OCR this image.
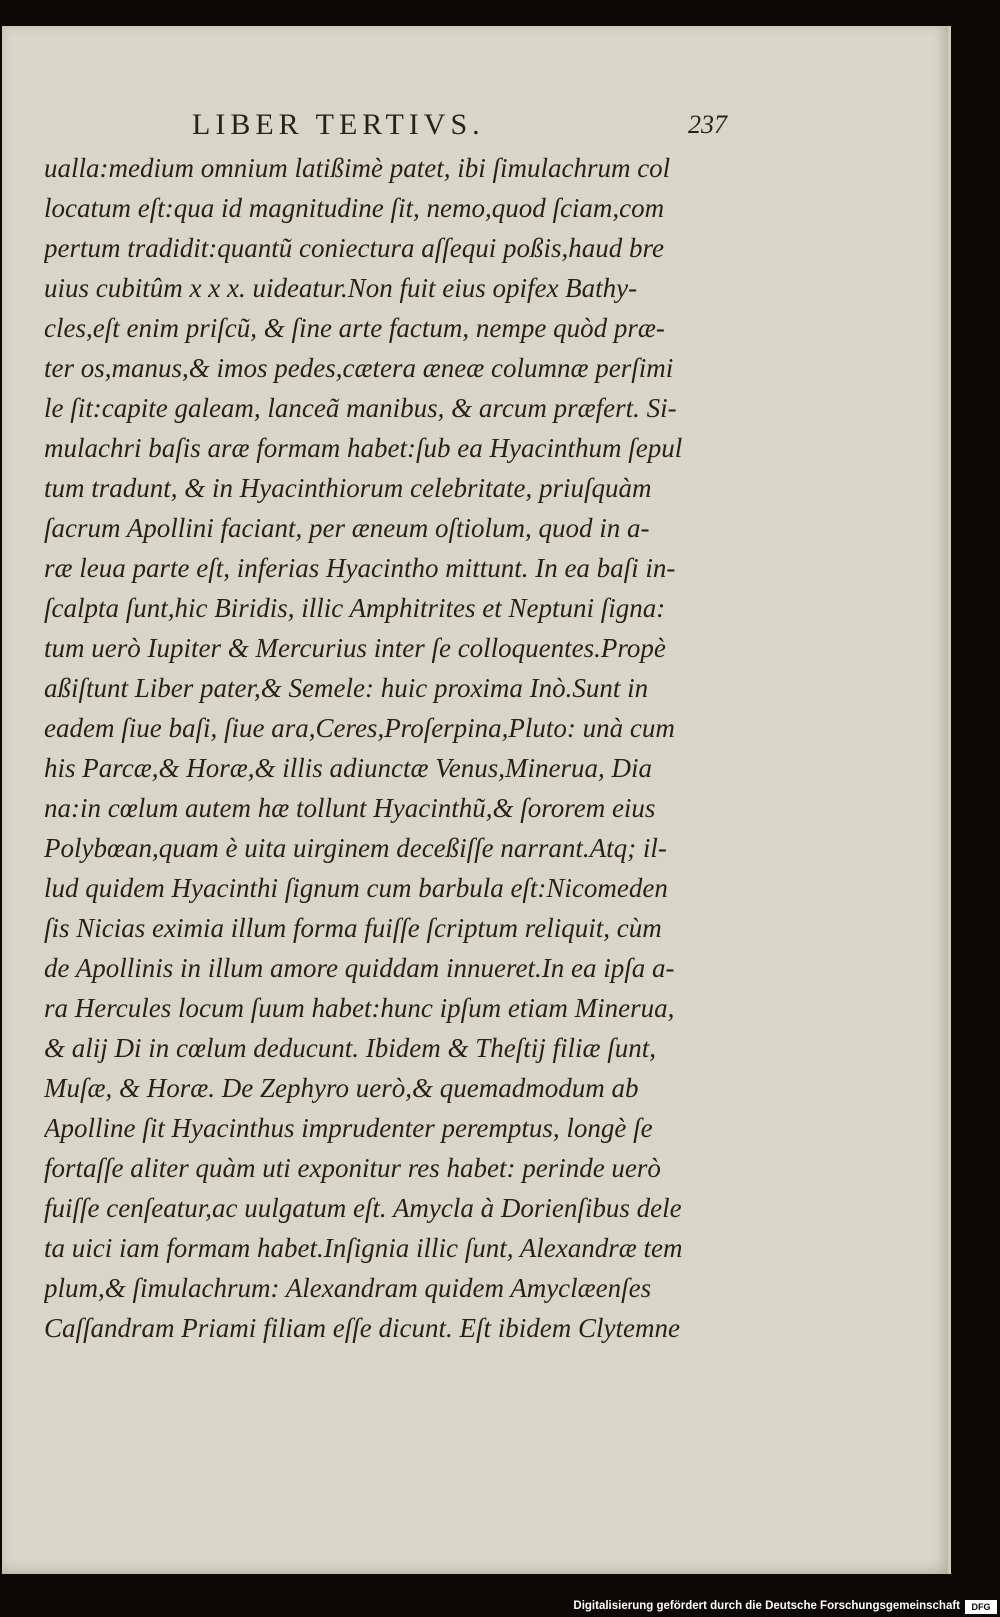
LIBER TERTIVS.	237
ualla:medium omnium latißimè patet, ibi ſimulachrum col
locatum eſt:qua id magnitudine ſit, nemo,quod ſciam,com
pertum tradidit:quantũ coniectura aſſequi poßis,haud bre
uius cubitûm x x x. uideatur.Non fuit eius opifex Bathy-
cles,eſt enim priſcũ, & ſine arte factum, nempe quòd præ-
ter os,manus,& imos pedes,cætera æneæ columnæ perſimi
le ſit:capite galeam, lanceã manibus, & arcum præfert. Si-
mulachri baſis aræ formam habet:ſub ea Hyacinthum ſepul
tum tradunt, & in Hyacinthiorum celebritate, priuſquàm
ſacrum Apollini faciant, per æneum oſtiolum, quod in a-
ræ leua parte eſt, inferias Hyacintho mittunt. In ea baſi in-
ſcalpta ſunt,hic Biridis, illic Amphitrites et Neptuni ſigna:
tum uerò Iupiter & Mercurius inter ſe colloquentes.Propè
aßiſtunt Liber pater,& Semele: huic proxima Inò.Sunt in
eadem ſiue baſi, ſiue ara,Ceres,Proſerpina,Pluto: unà cum
his Parcæ,& Horæ,& illis adiunctæ Venus,Minerua, Dia
na:in cœlum autem hæ tollunt Hyacinthũ,& ſororem eius
Polybœan,quam è uita uirginem deceßiſſe narrant.Atq; il-
lud quidem Hyacinthi ſignum cum barbula eſt:Nicomeden
ſis Nicias eximia illum forma fuiſſe ſcriptum reliquit, cùm
de Apollinis in illum amore quiddam innueret.In ea ipſa a-
ra Hercules locum ſuum habet:hunc ipſum etiam Minerua,
& alij Di in cœlum deducunt. Ibidem & Theſtij filiæ ſunt,
Muſæ, & Horæ. De Zephyro uerò,& quemadmodum ab
Apolline ſit Hyacinthus imprudenter peremptus, longè ſe
fortaſſe aliter quàm uti exponitur res habet: perinde uerò
fuiſſe cenſeatur,ac uulgatum eſt. Amycla à Dorienſibus dele
ta uici iam formam habet.Inſignia illic ſunt, Alexandræ tem
plum,& ſimulachrum: Alexandram quidem Amyclæenſes
Caſſandram Priami filiam eſſe dicunt. Eſt ibidem Clytemne
Digitalisierung gefördert durch die Deutsche Forschungsgemeinschaft	DFG
